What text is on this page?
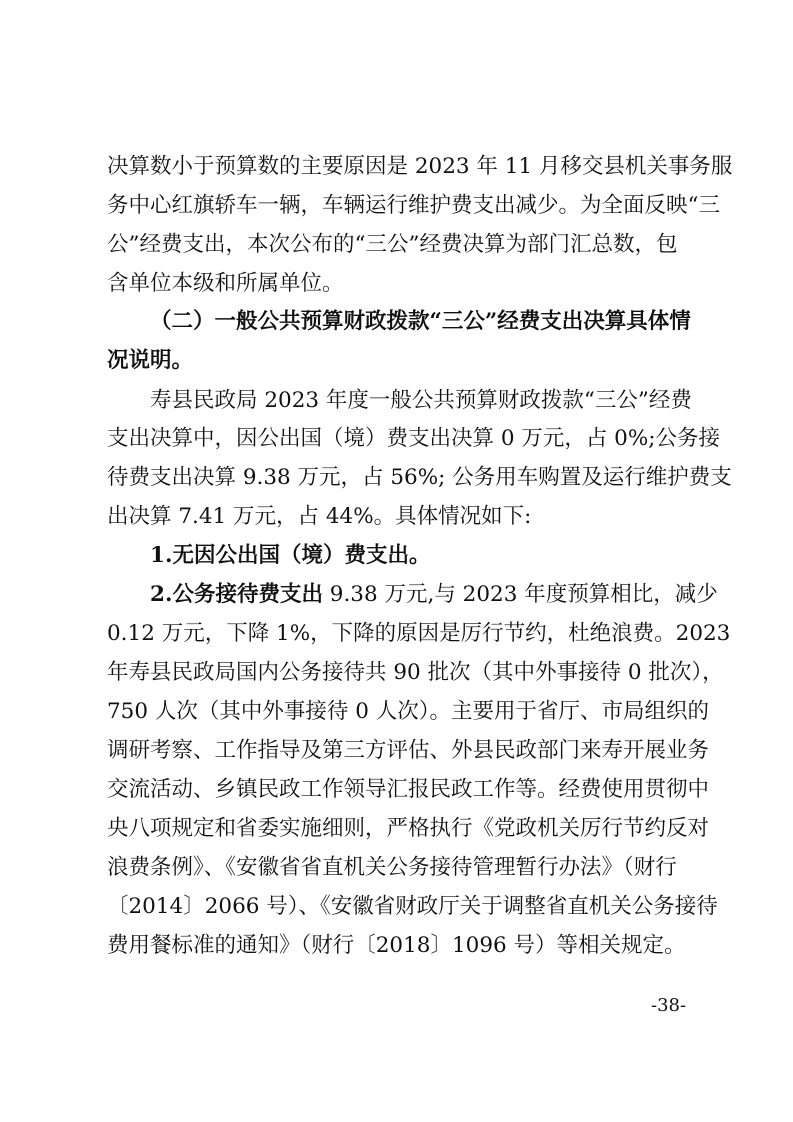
决算数小于预算数的主要原因是 2023 年 11 月移交县机关事务服
务中心红旗轿车一辆，车辆运行维护费支出减少。为全面反映“三
公”经费支出，本次公布的“三公”经费决算为部门汇总数，包
含单位本级和所属单位。
（二）一般公共预算财政拨款“三公”经费支出决算具体情
况说明。
寿县民政局 2023 年度一般公共预算财政拨款“三公”经费
支出决算中，因公出国（境）费支出决算 0 万元，占 0%;公务接
待费支出决算 9.38 万元，占 56%; 公务用车购置及运行维护费支
出决算 7.41 万元，占 44%。具体情况如下:
1.无因公出国（境）费支出。
2.公务接待费支出 9.38 万元,与 2023 年度预算相比，减少
0.12 万元，下降 1%，下降的原因是厉行节约，杜绝浪费。2023
年寿县民政局国内公务接待共 90 批次（其中外事接待 0 批次），
750 人次（其中外事接待 0 人次）。主要用于省厅、市局组织的
调研考察、工作指导及第三方评估、外县民政部门来寿开展业务
交流活动、乡镇民政工作领导汇报民政工作等。经费使用贯彻中
央八项规定和省委实施细则，严格执行《党政机关厉行节约反对
浪费条例》、《安徽省省直机关公务接待管理暂行办法》（财行
〔2014〕2066 号）、《安徽省财政厅关于调整省直机关公务接待
费用餐标准的通知》（财行〔2018〕1096 号）等相关规定。
-38-
